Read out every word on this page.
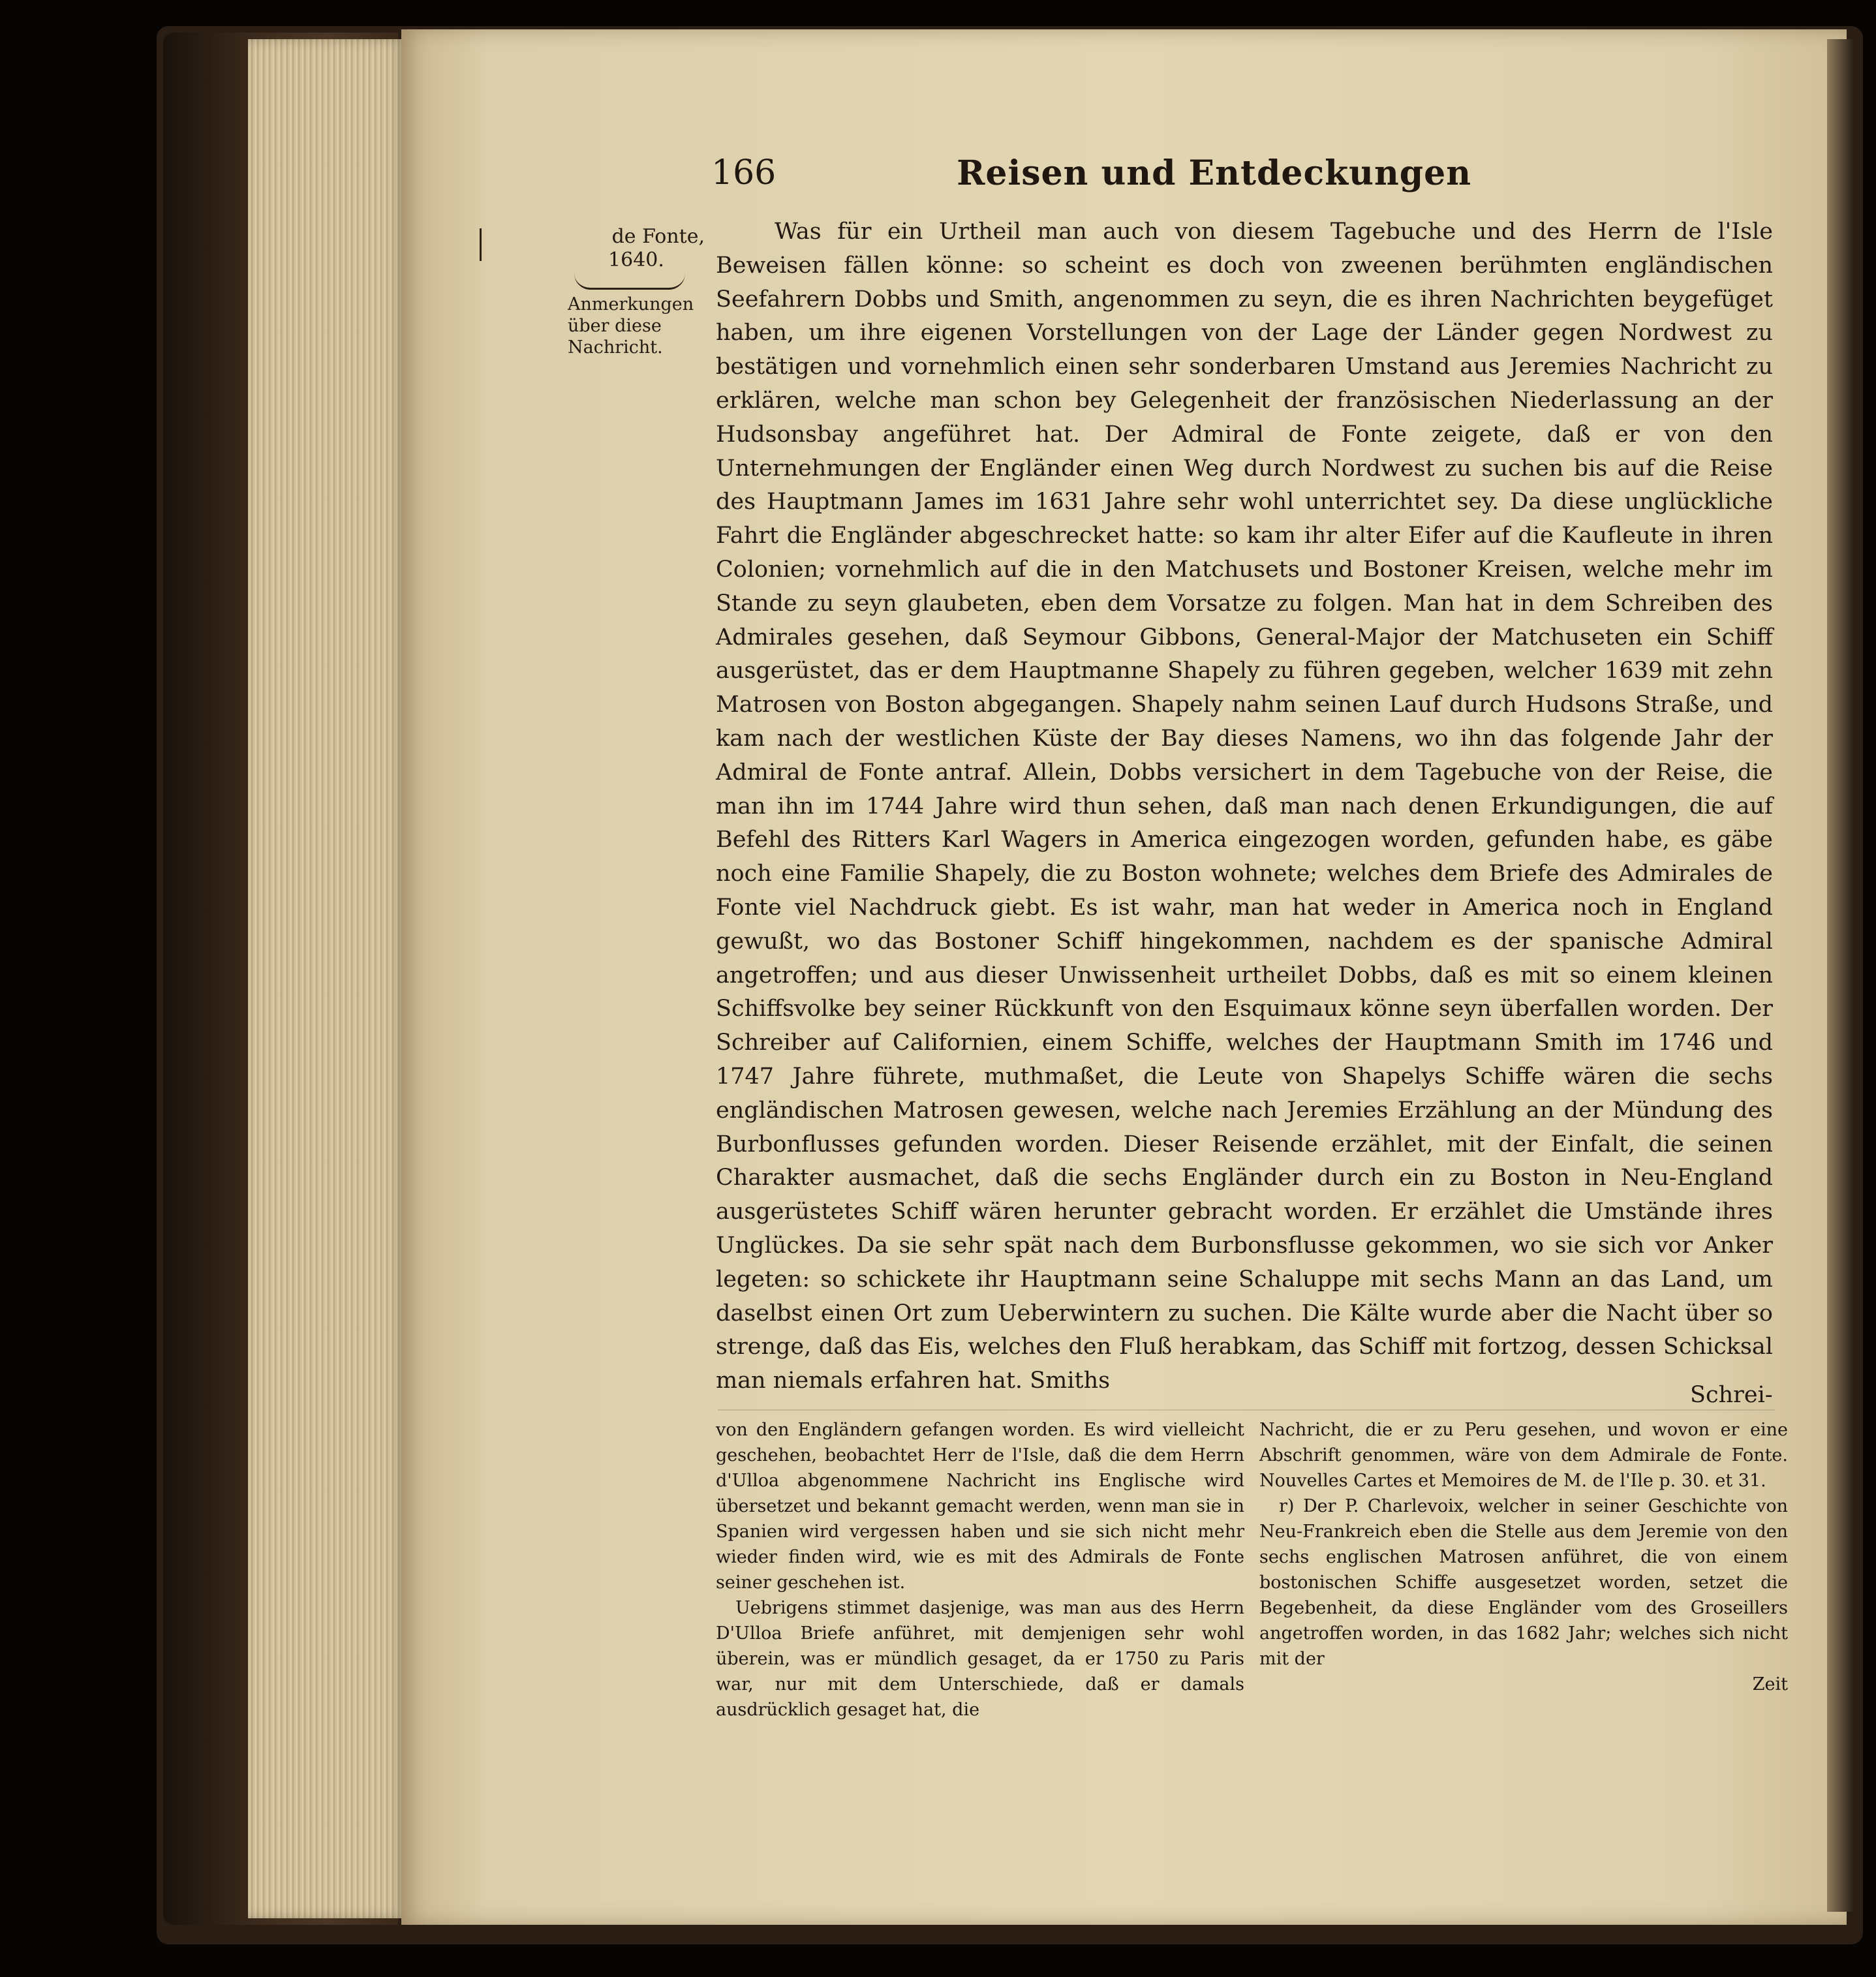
166	Reisen und Entdeckungen
de Fonte,
1640.
Anmerkungen
über diese
Nachricht.

Was für ein Urtheil man auch von diesem Tagebuche und des Herrn de l'Isle Beweisen fällen könne: so scheint es doch von zweenen berühmten engländischen Seefahrern Dobbs und Smith, angenommen zu seyn, die es ihren Nachrichten beygefüget haben, um ihre eigenen Vorstellungen von der Lage der Länder gegen Nordwest zu bestätigen und vornehmlich einen sehr sonderbaren Umstand aus Jeremies Nachricht zu erklären, welche man schon bey Gelegenheit der französischen Niederlassung an der Hudsonsbay angeführet hat. Der Admiral de Fonte zeigete, daß er von den Unternehmungen der Engländer einen Weg durch Nordwest zu suchen bis auf die Reise des Hauptmann James im 1631 Jahre sehr wohl unterrichtet sey. Da diese unglückliche Fahrt die Engländer abgeschrecket hatte: so kam ihr alter Eifer auf die Kaufleute in ihren Colonien; vornehmlich auf die in den Matchusets und Bostoner Kreisen, welche mehr im Stande zu seyn glaubeten, eben dem Vorsatze zu folgen. Man hat in dem Schreiben des Admirales gesehen, daß Seymour Gibbons, General-Major der Matchuseten ein Schiff ausgerüstet, das er dem Hauptmanne Shapely zu führen gegeben, welcher 1639 mit zehn Matrosen von Boston abgegangen. Shapely nahm seinen Lauf durch Hudsons Straße, und kam nach der westlichen Küste der Bay dieses Namens, wo ihn das folgende Jahr der Admiral de Fonte antraf. Allein, Dobbs versichert in dem Tagebuche von der Reise, die man ihn im 1744 Jahre wird thun sehen, daß man nach denen Erkundigungen, die auf Befehl des Ritters Karl Wagers in America eingezogen worden, gefunden habe, es gäbe noch eine Familie Shapely, die zu Boston wohnete; welches dem Briefe des Admirales de Fonte viel Nachdruck giebt. Es ist wahr, man hat weder in America noch in England gewußt, wo das Bostoner Schiff hingekommen, nachdem es der spanische Admiral angetroffen; und aus dieser Unwissenheit urtheilet Dobbs, daß es mit so einem kleinen Schiffsvolke bey seiner Rückkunft von den Esquimaux könne seyn überfallen worden. Der Schreiber auf Californien, einem Schiffe, welches der Hauptmann Smith im 1746 und 1747 Jahre führete, muthmaßet, die Leute von Shapelys Schiffe wären die sechs engländischen Matrosen gewesen, welche nach Jeremies Erzählung an der Mündung des Burbonflusses gefunden worden. Dieser Reisende erzählet, mit der Einfalt, die seinen Charakter ausmachet, daß die sechs Engländer durch ein zu Boston in Neu-England ausgerüstetes Schiff wären herunter gebracht worden. Er erzählet die Umstände ihres Unglückes. Da sie sehr spät nach dem Burbonsflusse gekommen, wo sie sich vor Anker legeten: so schickete ihr Hauptmann seine Schaluppe mit sechs Mann an das Land, um daselbst einen Ort zum Ueberwintern zu suchen. Die Kälte wurde aber die Nacht über so strenge, daß das Eis, welches den Fluß herabkam, das Schiff mit fortzog, dessen Schicksal man niemals erfahren hat. Smiths

Schrei-

von den Engländern gefangen worden. Es wird vielleicht geschehen, beobachtet Herr de l'Isle, daß die dem Herrn d'Ulloa abgenommene Nachricht ins Englische wird übersetzet und bekannt gemacht werden, wenn man sie in Spanien wird vergessen haben und sie sich nicht mehr wieder finden wird, wie es mit des Admirals de Fonte seiner geschehen ist.

Uebrigens stimmet dasjenige, was man aus des Herrn D'Ulloa Briefe anführet, mit demjenigen sehr wohl überein, was er mündlich gesaget, da er 1750 zu Paris war, nur mit dem Unterschiede, daß er damals ausdrücklich gesaget hat, die

Nachricht, die er zu Peru gesehen, und wovon er eine Abschrift genommen, wäre von dem Admirale de Fonte. Nouvelles Cartes et Memoires de M. de l'Ile p. 30. et 31.

r) Der P. Charlevoix, welcher in seiner Geschichte von Neu-Frankreich eben die Stelle aus dem Jeremie von den sechs englischen Matrosen anführet, die von einem bostonischen Schiffe ausgesetzet worden, setzet die Begebenheit, da diese Engländer vom des Groseillers angetroffen worden, in das 1682 Jahr; welches sich nicht mit der

Zeit
